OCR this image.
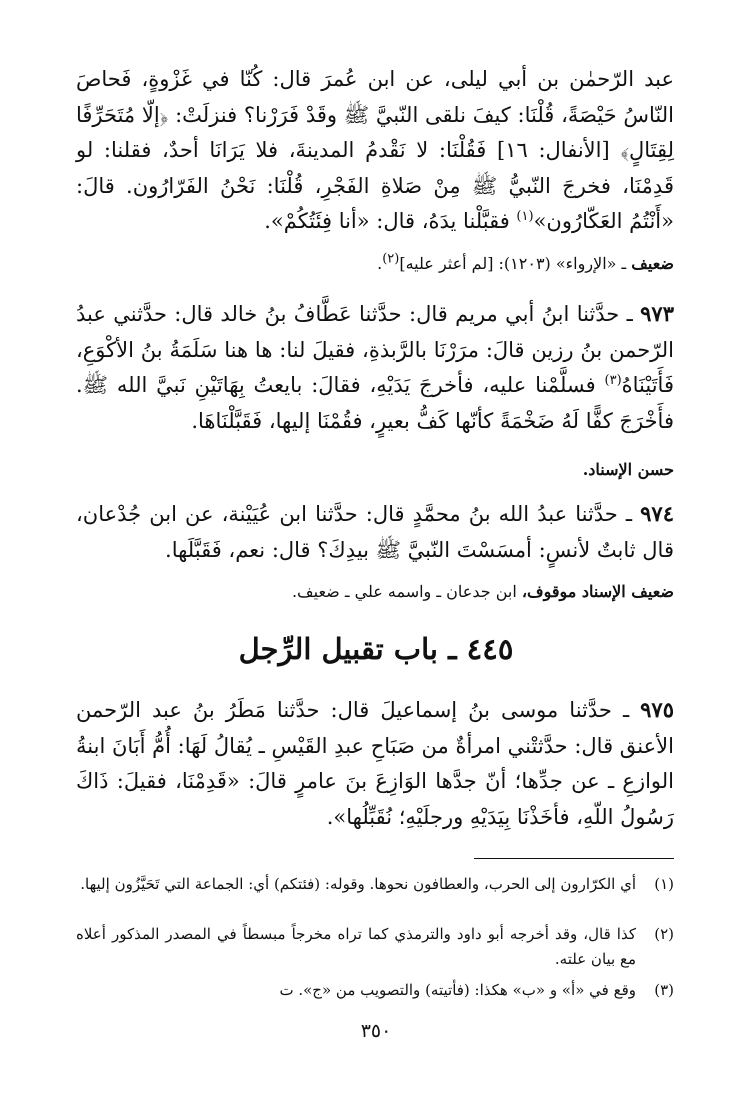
عبد الرّحمٰن بن أبي ليلى، عن ابن عُمرَ قال: كُنّا في غَزْوةٍ، فَحاصَ النّاسُ حَيْصَةً، قُلْنَا: كيفَ نلقى النّبيَّ ﷺ وقَدْ فَرَرْنا؟ فنزلَتْ: ﴿إلّا مُتَحَرِّفًا لِقِتَالٍ﴾ [الأنفال: ١٦] فَقُلْنَا: لا نَقْدمُ المدينةَ، فلا يَرَانَا أحدٌ، فقلنا: لو قَدِمْنَا، فخرجَ النّبيُّ ﷺ مِنْ صَلاةِ الفَجْرِ، قُلْنَا: نَحْنُ الفَرّارُون. قالَ: «أَنْتُمُ العَكّارُون»$^{(١)}$ فقبَّلْنا يدَهُ، قال: «أنا فِئَتُكُمْ».

ضعيف ـ «الإرواء» (١٢٠٣): [لم أعثر عليه]$^{(٢)}$.

٩٧٣ ـ حدَّثنا ابنُ أبي مريم قال: حدَّثنا عَطَّافُ بنُ خالد قال: حدَّثني عبدُ الرّحمن بنُ رزين قالَ: مرَرْنَا بالرَّبذةِ، فقيلَ لنا: ها هنا سَلَمَةُ بنُ الأكْوَعِ، فَأَتَيْنَاهُ$^{(٣)}$ فسلَّمْنا عليه، فأخرجَ يَدَيْهِ، فقالَ: بايعتُ بِهَاتَيْنِ نَبيَّ الله ﷺ. فأَخْرَجَ كفًّا لَهُ ضَخْمَةً كأنّها كَفُّ بعيرٍ، فقُمْنَا إليها، فَقَبَّلْنَاهَا.

حسن الإسناد.

٩٧٤ ـ حدَّثنا عبدُ الله بنُ محمَّدٍ قال: حدَّثنا ابن عُيَيْنة، عن ابن جُدْعان، قال ثابتٌ لأنسٍ: أمسَسْتَ النّبيَّ ﷺ بيدِكَ؟ قال: نعم، فَقَبَّلَها.

ضعيف الإسناد موقوف، ابن جدعان ـ واسمه علي ـ ضعيف.

٤٤٥ ـ باب تقبيل الرِّجل

٩٧٥ ـ حدَّثنا موسى بنُ إسماعيلَ قال: حدَّثنا مَطَرُ بنُ عبد الرّحمن الأعنق قال: حدَّثتْني امرأةٌ من صَبَاحِ عبدِ القَيْسِ ـ يُقالُ لَهَا: أُمُّ أَبَانَ ابنةُ الوازعِ ـ عن جدِّها؛ أنّ جدَّها الوَازِعَ بنَ عامرٍ قالَ: «قَدِمْنَا، فقيلَ: ذَاكَ رَسُولُ اللّهِ، فأخَذْنَا بِيَدَيْهِ ورجلَيْهِ؛ نُقَبِّلُها».

(١)
أي الكرّارون إلى الحرب، والعطافون نحوها. وقوله: (فئتكم) أي: الجماعة التي تَحَيَّزُون إليها.
(٢)
كذا قال، وقد أخرجه أبو داود والترمذي كما تراه مخرجاً مبسطاً في المصدر المذكور أعلاه مع بيان علته.
(٣)
وقع في «أ» و «ب» هكذا: (فأتيته) والتصويب من «ج». ت

٣٥٠
